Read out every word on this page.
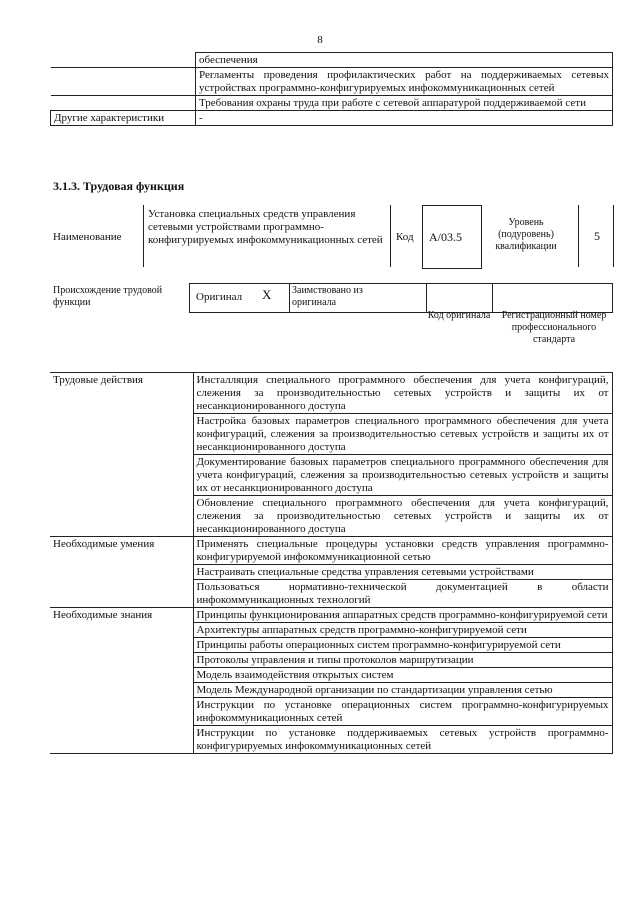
8
	обеспечения
	Регламенты проведения профилактических работ на поддерживаемых сетевых устройствах программно-конфигурируемых инфокоммуникационных сетей
	Требования охраны труда при работе с сетевой аппаратурой поддерживаемой сети
Другие характеристики	-
3.1.3. Трудовая функция
Наименование
Установка специальных средств управления сетевыми устройствами программно-конфигурируемых инфокоммуникационных сетей	Код А/03.5
Уровень (подуровень) квалификации
5
Происхождение трудовой функции	Оригинал X Заимствовано из оригинала
Код оригинала	Регистрационный номер профессионального стандарта
Трудовые действия	Инсталляция специального программного обеспечения для учета конфигураций, слежения за производительностью сетевых устройств и защиты их от несанкционированного доступа
	Настройка базовых параметров специального программного обеспечения для учета конфигураций, слежения за производительностью сетевых устройств и защиты их от несанкционированного доступа
	Документирование базовых параметров специального программного обеспечения для учета конфигураций, слежения за производительностью сетевых устройств и защиты их от несанкционированного доступа
	Обновление специального программного обеспечения для учета конфигураций, слежения за производительностью сетевых устройств и защиты их от несанкционированного доступа
Необходимые умения	Применять специальные процедуры установки средств управления программно-конфигурируемой инфокоммуникационной сетью
	Настраивать специальные средства управления сетевыми устройствами
	Пользоваться нормативно-технической документацией в области инфокоммуникационных технологий
Необходимые знания	Принципы функционирования аппаратных средств программно-конфигурируемой сети
	Архитектуры аппаратных средств программно-конфигурируемой сети
	Принципы работы операционных систем программно-конфигурируемой сети
	Протоколы управления и типы протоколов маршрутизации
	Модель взаимодействия открытых систем
	Модель Международной организации по стандартизации управления сетью
	Инструкции по установке операционных систем программно-конфигурируемых инфокоммуникационных сетей
	Инструкции по установке поддерживаемых сетевых устройств программно-конфигурируемых инфокоммуникационных сетей
